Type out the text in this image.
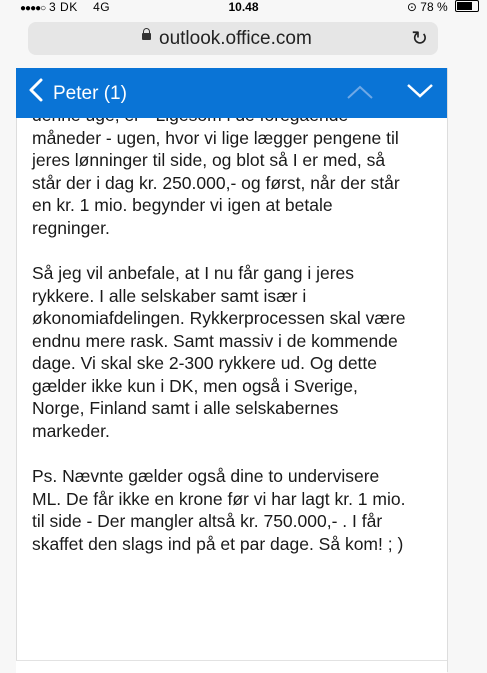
●●●●○ 3 DK 4G	10.48	⊙ 78 %
outlook.office.com	↻
Peter (1)

måneder - ugen, hvor vi lige lægger pengene til
jeres lønninger til side, og blot så I er med, så
står der i dag kr. 250.000,- og først, når der står
en kr. 1 mio. begynder vi igen at betale
regninger.

Så jeg vil anbefale, at I nu får gang i jeres
rykkere. I alle selskaber samt især i
økonomiafdelingen. Rykkerprocessen skal være
endnu mere rask. Samt massiv i de kommende
dage. Vi skal ske 2-300 rykkere ud. Og dette
gælder ikke kun i DK, men også i Sverige,
Norge, Finland samt i alle selskabernes
markeder.

Ps. Nævnte gælder også dine to undervisere
ML. De får ikke en krone før vi har lagt kr. 1 mio.
til side - Der mangler altså kr. 750.000,- . I får
skaffet den slags ind på et par dage. Så kom! ; )
